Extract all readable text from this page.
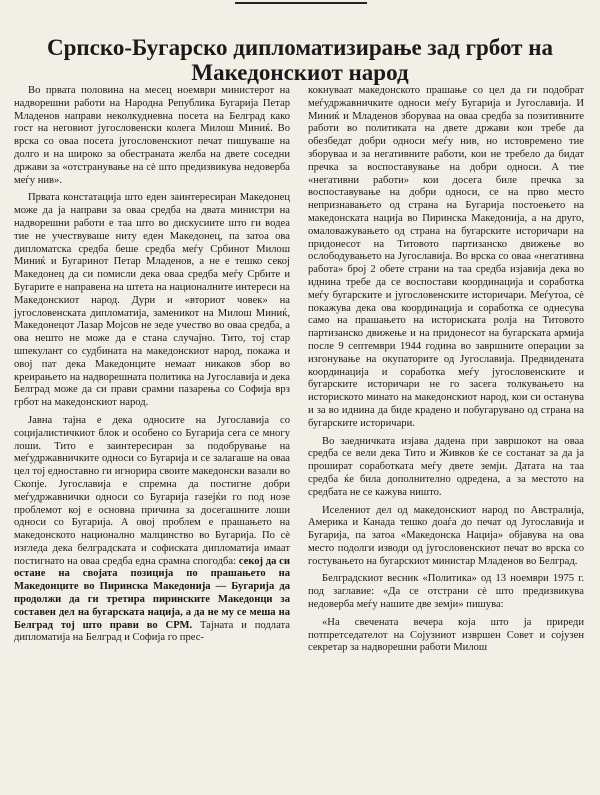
Српско-Бугарско дипломатизирање зад грбот на Македонскиот народ

Во првата половина на месец ноември министерот на надворешни работи на Народна Република Бугарија Петар Младенов направи неколкудневна посета на Белград како гост на неговиот југословенски колега Милош Миниќ. Во врска со оваа посета југословенскиот печат пишуваше на долго и на широко за обестраната желба на двете соседни држави за «отстранување на сè што предизвикува недоверба меѓу нив».

Првата констатација што еден заинтересиран Македонец може да ја направи за оваа средба на двата министри на надворешни работи е таа што во дискусиите што ги водеа тие не учествуваше ниту еден Македонец, па затоа ова дипломатска средба беше средба меѓу Србинот Милош Миниќ и Бугаринот Петар Младенов, а не е тешко секој Македонец да си помисли дека оваа средба меѓу Србите и Бугарите е направена на штета на националните интереси на Македонскиот народ. Дури и «вториот човек» на југословенската дипломатија, заменикот на Милош Миниќ, Македонецот Лазар Мојсов не зеде учество во оваа средба, а ова нешто не може да е стана случајно. Тито, тој стар шпекулант со судбината на македонскиот народ, покажа и овој пат дека Македонците немаат никаков збор во креирањето на надворешната политика на Југославија и дека Белград може да си прави срамни пазарења со Софија врз грбот на македонскиот народ.

Јавна тајна е дека односите на Југославија со социјалистичкиот блок и особено со Бугарија сега се многу лоши. Тито е заинтересиран за подобрување на меѓудржавничките односи со Бугарија и се залагаше на оваа цел тој едноставно ги игнорира своите македонски вазали во Скопје. Југославија е спремна да постигне добри меѓудржавнички односи со Бугарија газејќи го под нозе проблемот кој е основна причина за досегашните лоши односи со Бугарија. А овој проблем е прашањето на македонското национално малцинство во Бугарија. По сè изгледа дека белградската и софиската дипломатија имаат постигнато на оваа средба една срамна спогодба: секој да си остане на својата позиција по прашањето на Македонците во Пиринска Македонија — Бугарија да продолжи да ги третира пиринските Македонци за составен дел на бугарската нација, а да не му се меша на Белград тој што прави во СРМ. Тајната и подлата дипломатија на Белград и Софија го прес-

кокнуваат македонското прашање со цел да ги подобрат меѓудржавничките односи меѓу Бугарија и Југославија. И Миниќ и Младенов зборуваа на оваа средба за позитивните работи во политиката на двете држави кои требе да обезбедат добри односи меѓу нив, но истовремено тие зборуваа и за негативните работи, кои не требело да бидат пречка за воспоставување на добри односи. А тие «негативни работи» кои досега биле пречка за воспоставување на добри односи, се на прво место непризнавањето од страна на Бугарија постоењето на македонската нација во Пиринска Македонија, а на друго, омаловажувањето од страна на бугарските историчари на придонесот на Титовото партизанско движење во ослободувањето на Југославија. Во врска со оваа «негативна работа» број 2 обете страни на таа средба изјавија дека во иднина требе да се воспостави координација и соработка меѓу бугарските и југословенските историчари. Меѓутоа, сè покажува дека ова координација и соработка се однесува само на прашањето на историската ролја на Титовото партизанско движење и на придонесот на бугарската армија после 9 септември 1944 година во завршните операции за изгонување на окупаторите од Југославија. Предвидената координација и соработка меѓу југословенските и бугарските историчари не го засега толкувањето на историското минато на македонскиот народ, кои си останува и за во иднина да биде крадено и побугарувано од страна на бугарските историчари.

Во заедничката изјава дадена при завршокот на оваа средба се вели дека Тито и Живков ќе се состанат за да ја прошират соработката меѓу двете земји. Датата на таа средба ќе била дополнително одредена, а за местото на средбата не се кажува ништо.

Иселениот дел од македонскиот народ по Австралија, Америка и Канада тешко доаѓа до печат од Југославија и Бугарија, па затоа «Македонска Нација» објавува на ова место подолги изводи од југословенскиот печат во врска со гостувањето на бугарскиот министар Младенов во Белград.

Белградскиот весник «Политика» од 13 ноември 1975 г. под заглавие: «Да се отстрани сè што предизвикува недоверба меѓу нашите две земји» пишува:

«На свечената вечера која што ја приреди потпретседателот на Сојузниот извршен Совет и сојузен секретар за надворешни работи Милош
